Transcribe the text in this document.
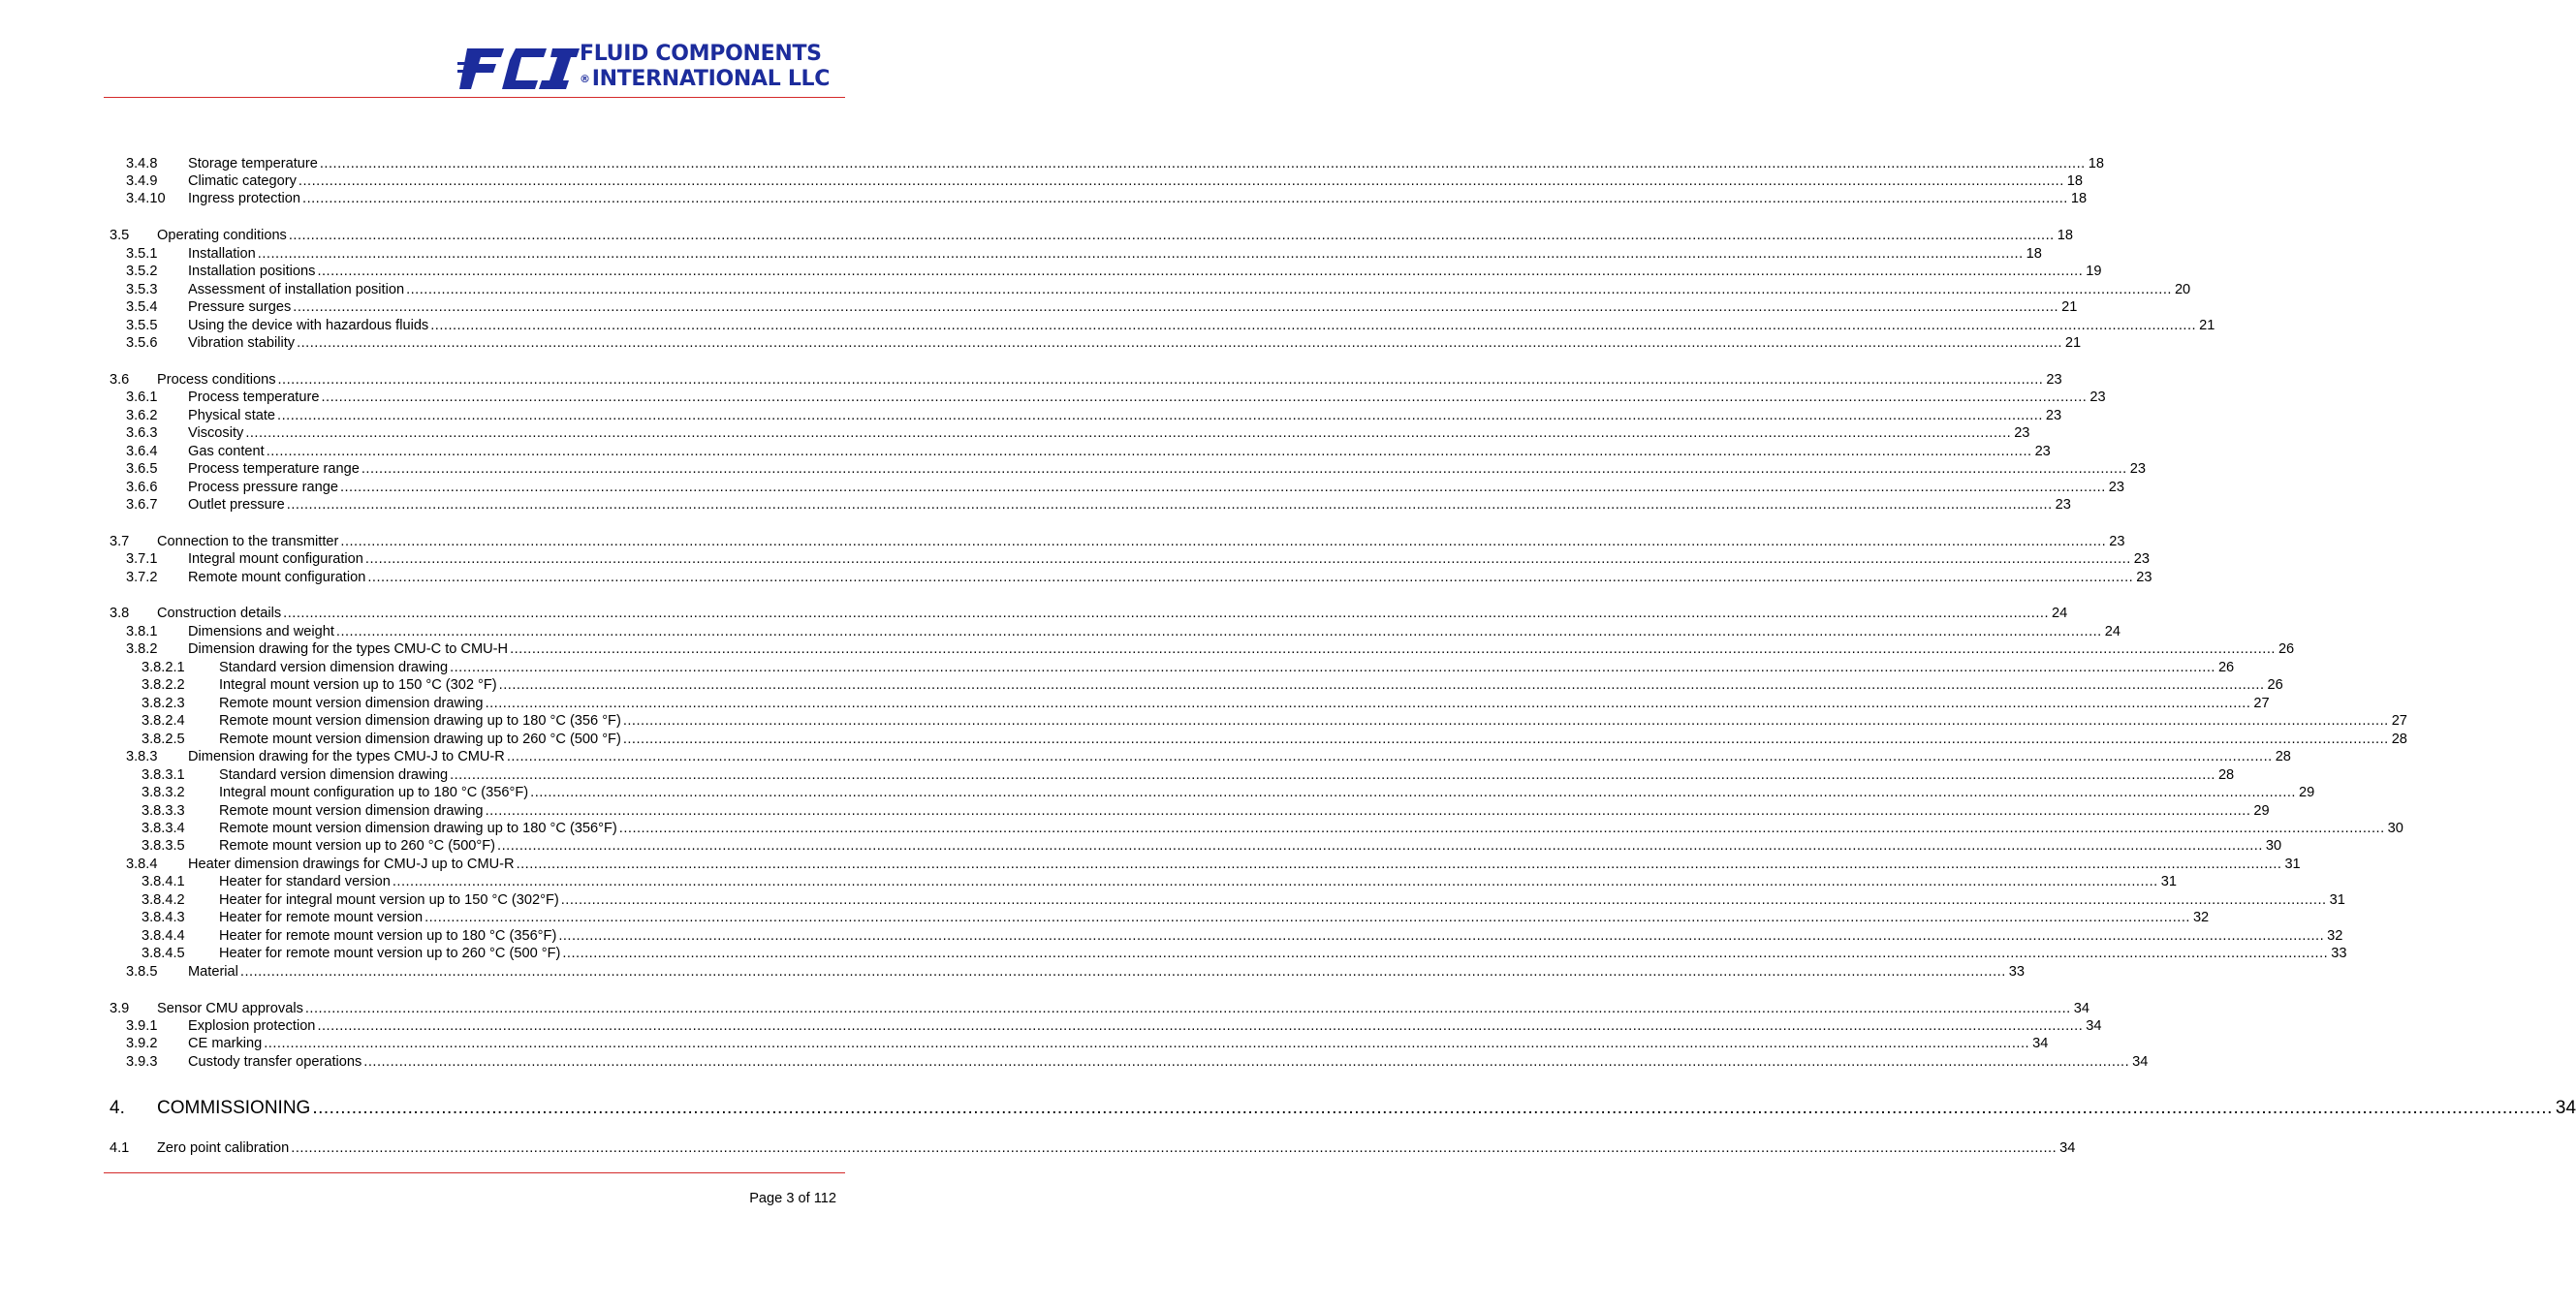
FLUID COMPONENTS
®INTERNATIONAL LLC
3.4.8 Storage temperature ................................................................................................................................................................................................................................................................................................................................................................................................................ 18
3.4.9 Climatic category ................................................................................................................................................................................................................................................................................................................................................................................................................ 18
3.4.10 Ingress protection ................................................................................................................................................................................................................................................................................................................................................................................................................ 18
3.5 Operating conditions ................................................................................................................................................................................................................................................................................................................................................................................................................ 18
3.5.1 Installation ................................................................................................................................................................................................................................................................................................................................................................................................................ 18
3.5.2 Installation positions ................................................................................................................................................................................................................................................................................................................................................................................................................ 19
3.5.3 Assessment of installation position ................................................................................................................................................................................................................................................................................................................................................................................................................ 20
3.5.4 Pressure surges ................................................................................................................................................................................................................................................................................................................................................................................................................ 21
3.5.5 Using the device with hazardous fluids ................................................................................................................................................................................................................................................................................................................................................................................................................ 21
3.5.6 Vibration stability ................................................................................................................................................................................................................................................................................................................................................................................................................ 21
3.6 Process conditions ................................................................................................................................................................................................................................................................................................................................................................................................................ 23
3.6.1 Process temperature ................................................................................................................................................................................................................................................................................................................................................................................................................ 23
3.6.2 Physical state ................................................................................................................................................................................................................................................................................................................................................................................................................ 23
3.6.3 Viscosity ................................................................................................................................................................................................................................................................................................................................................................................................................ 23
3.6.4 Gas content ................................................................................................................................................................................................................................................................................................................................................................................................................ 23
3.6.5 Process temperature range ................................................................................................................................................................................................................................................................................................................................................................................................................ 23
3.6.6 Process pressure range ................................................................................................................................................................................................................................................................................................................................................................................................................ 23
3.6.7 Outlet pressure ................................................................................................................................................................................................................................................................................................................................................................................................................ 23
3.7 Connection to the transmitter ................................................................................................................................................................................................................................................................................................................................................................................................................ 23
3.7.1 Integral mount configuration ................................................................................................................................................................................................................................................................................................................................................................................................................ 23
3.7.2 Remote mount configuration ................................................................................................................................................................................................................................................................................................................................................................................................................ 23
3.8 Construction details ................................................................................................................................................................................................................................................................................................................................................................................................................ 24
3.8.1 Dimensions and weight ................................................................................................................................................................................................................................................................................................................................................................................................................ 24
3.8.2 Dimension drawing for the types CMU-C to CMU-H ................................................................................................................................................................................................................................................................................................................................................................................................................ 26
3.8.2.1 Standard version dimension drawing ................................................................................................................................................................................................................................................................................................................................................................................................................ 26
3.8.2.2 Integral mount version up to 150 °C (302 °F) ................................................................................................................................................................................................................................................................................................................................................................................................................ 26
3.8.2.3 Remote mount version dimension drawing ................................................................................................................................................................................................................................................................................................................................................................................................................ 27
3.8.2.4 Remote mount version dimension drawing up to 180 °C (356 °F) ................................................................................................................................................................................................................................................................................................................................................................................................................ 27
3.8.2.5 Remote mount version dimension drawing up to 260 °C (500 °F) ................................................................................................................................................................................................................................................................................................................................................................................................................ 28
3.8.3 Dimension drawing for the types CMU-J to CMU-R ................................................................................................................................................................................................................................................................................................................................................................................................................ 28
3.8.3.1 Standard version dimension drawing ................................................................................................................................................................................................................................................................................................................................................................................................................ 28
3.8.3.2 Integral mount configuration up to 180 °C (356°F) ................................................................................................................................................................................................................................................................................................................................................................................................................ 29
3.8.3.3 Remote mount version dimension drawing ................................................................................................................................................................................................................................................................................................................................................................................................................ 29
3.8.3.4 Remote mount version dimension drawing up to 180 °C (356°F) ................................................................................................................................................................................................................................................................................................................................................................................................................ 30
3.8.3.5 Remote mount version up to 260 °C (500°F) ................................................................................................................................................................................................................................................................................................................................................................................................................ 30
3.8.4 Heater dimension drawings for CMU-J up to CMU-R ................................................................................................................................................................................................................................................................................................................................................................................................................ 31
3.8.4.1 Heater for standard version ................................................................................................................................................................................................................................................................................................................................................................................................................ 31
3.8.4.2 Heater for integral mount version up to 150 °C (302°F) ................................................................................................................................................................................................................................................................................................................................................................................................................ 31
3.8.4.3 Heater for remote mount version ................................................................................................................................................................................................................................................................................................................................................................................................................ 32
3.8.4.4 Heater for remote mount version up to 180 °C (356°F) ................................................................................................................................................................................................................................................................................................................................................................................................................ 32
3.8.4.5 Heater for remote mount version up to 260 °C (500 °F) ................................................................................................................................................................................................................................................................................................................................................................................................................ 33
3.8.5 Material ................................................................................................................................................................................................................................................................................................................................................................................................................ 33
3.9 Sensor CMU approvals ................................................................................................................................................................................................................................................................................................................................................................................................................ 34
3.9.1 Explosion protection ................................................................................................................................................................................................................................................................................................................................................................................................................ 34
3.9.2 CE marking ................................................................................................................................................................................................................................................................................................................................................................................................................ 34
3.9.3 Custody transfer operations ................................................................................................................................................................................................................................................................................................................................................................................................................ 34
4. COMMISSIONING ................................................................................................................................................................................................................................................................................................................................................................................................................ 34
4.1 Zero point calibration ................................................................................................................................................................................................................................................................................................................................................................................................................ 34
Page 3 of 112
